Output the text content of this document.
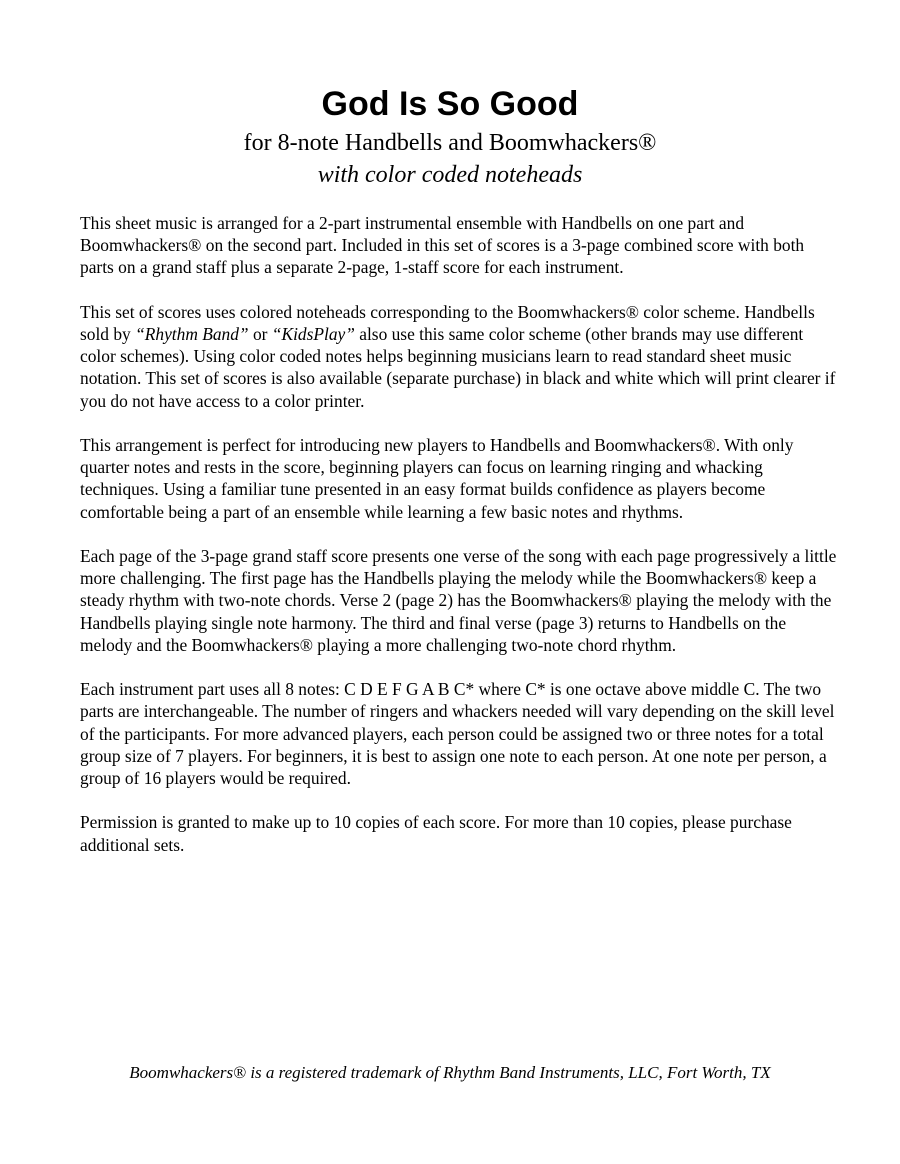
God Is So Good
for 8-note Handbells and Boomwhackers®
with color coded noteheads

This sheet music is arranged for a 2-part instrumental ensemble with Handbells on one part and Boomwhackers® on the second part. Included in this set of scores is a 3-page combined score with both parts on a grand staff plus a separate 2-page, 1-staff score for each instrument.

This set of scores uses colored noteheads corresponding to the Boomwhackers® color scheme. Handbells sold by “Rhythm Band” or “KidsPlay” also use this same color scheme (other brands may use different color schemes). Using color coded notes helps beginning musicians learn to read standard sheet music notation. This set of scores is also available (separate purchase) in black and white which will print clearer if you do not have access to a color printer.

This arrangement is perfect for introducing new players to Handbells and Boomwhackers®. With only quarter notes and rests in the score, beginning players can focus on learning ringing and whacking techniques. Using a familiar tune presented in an easy format builds confidence as players become comfortable being a part of an ensemble while learning a few basic notes and rhythms.

Each page of the 3-page grand staff score presents one verse of the song with each page progressively a little more challenging. The first page has the Handbells playing the melody while the Boomwhackers® keep a steady rhythm with two-note chords. Verse 2 (page 2) has the Boomwhackers® playing the melody with the Handbells playing single note harmony. The third and final verse (page 3) returns to Handbells on the melody and the Boomwhackers® playing a more challenging two-note chord rhythm.

Each instrument part uses all 8 notes: C D E F G A B C* where C* is one octave above middle C. The two parts are interchangeable. The number of ringers and whackers needed will vary depending on the skill level of the participants. For more advanced players, each person could be assigned two or three notes for a total group size of 7 players. For beginners, it is best to assign one note to each person. At one note per person, a group of 16 players would be required.

Permission is granted to make up to 10 copies of each score. For more than 10 copies, please purchase additional sets.

Boomwhackers® is a registered trademark of Rhythm Band Instruments, LLC, Fort Worth, TX
